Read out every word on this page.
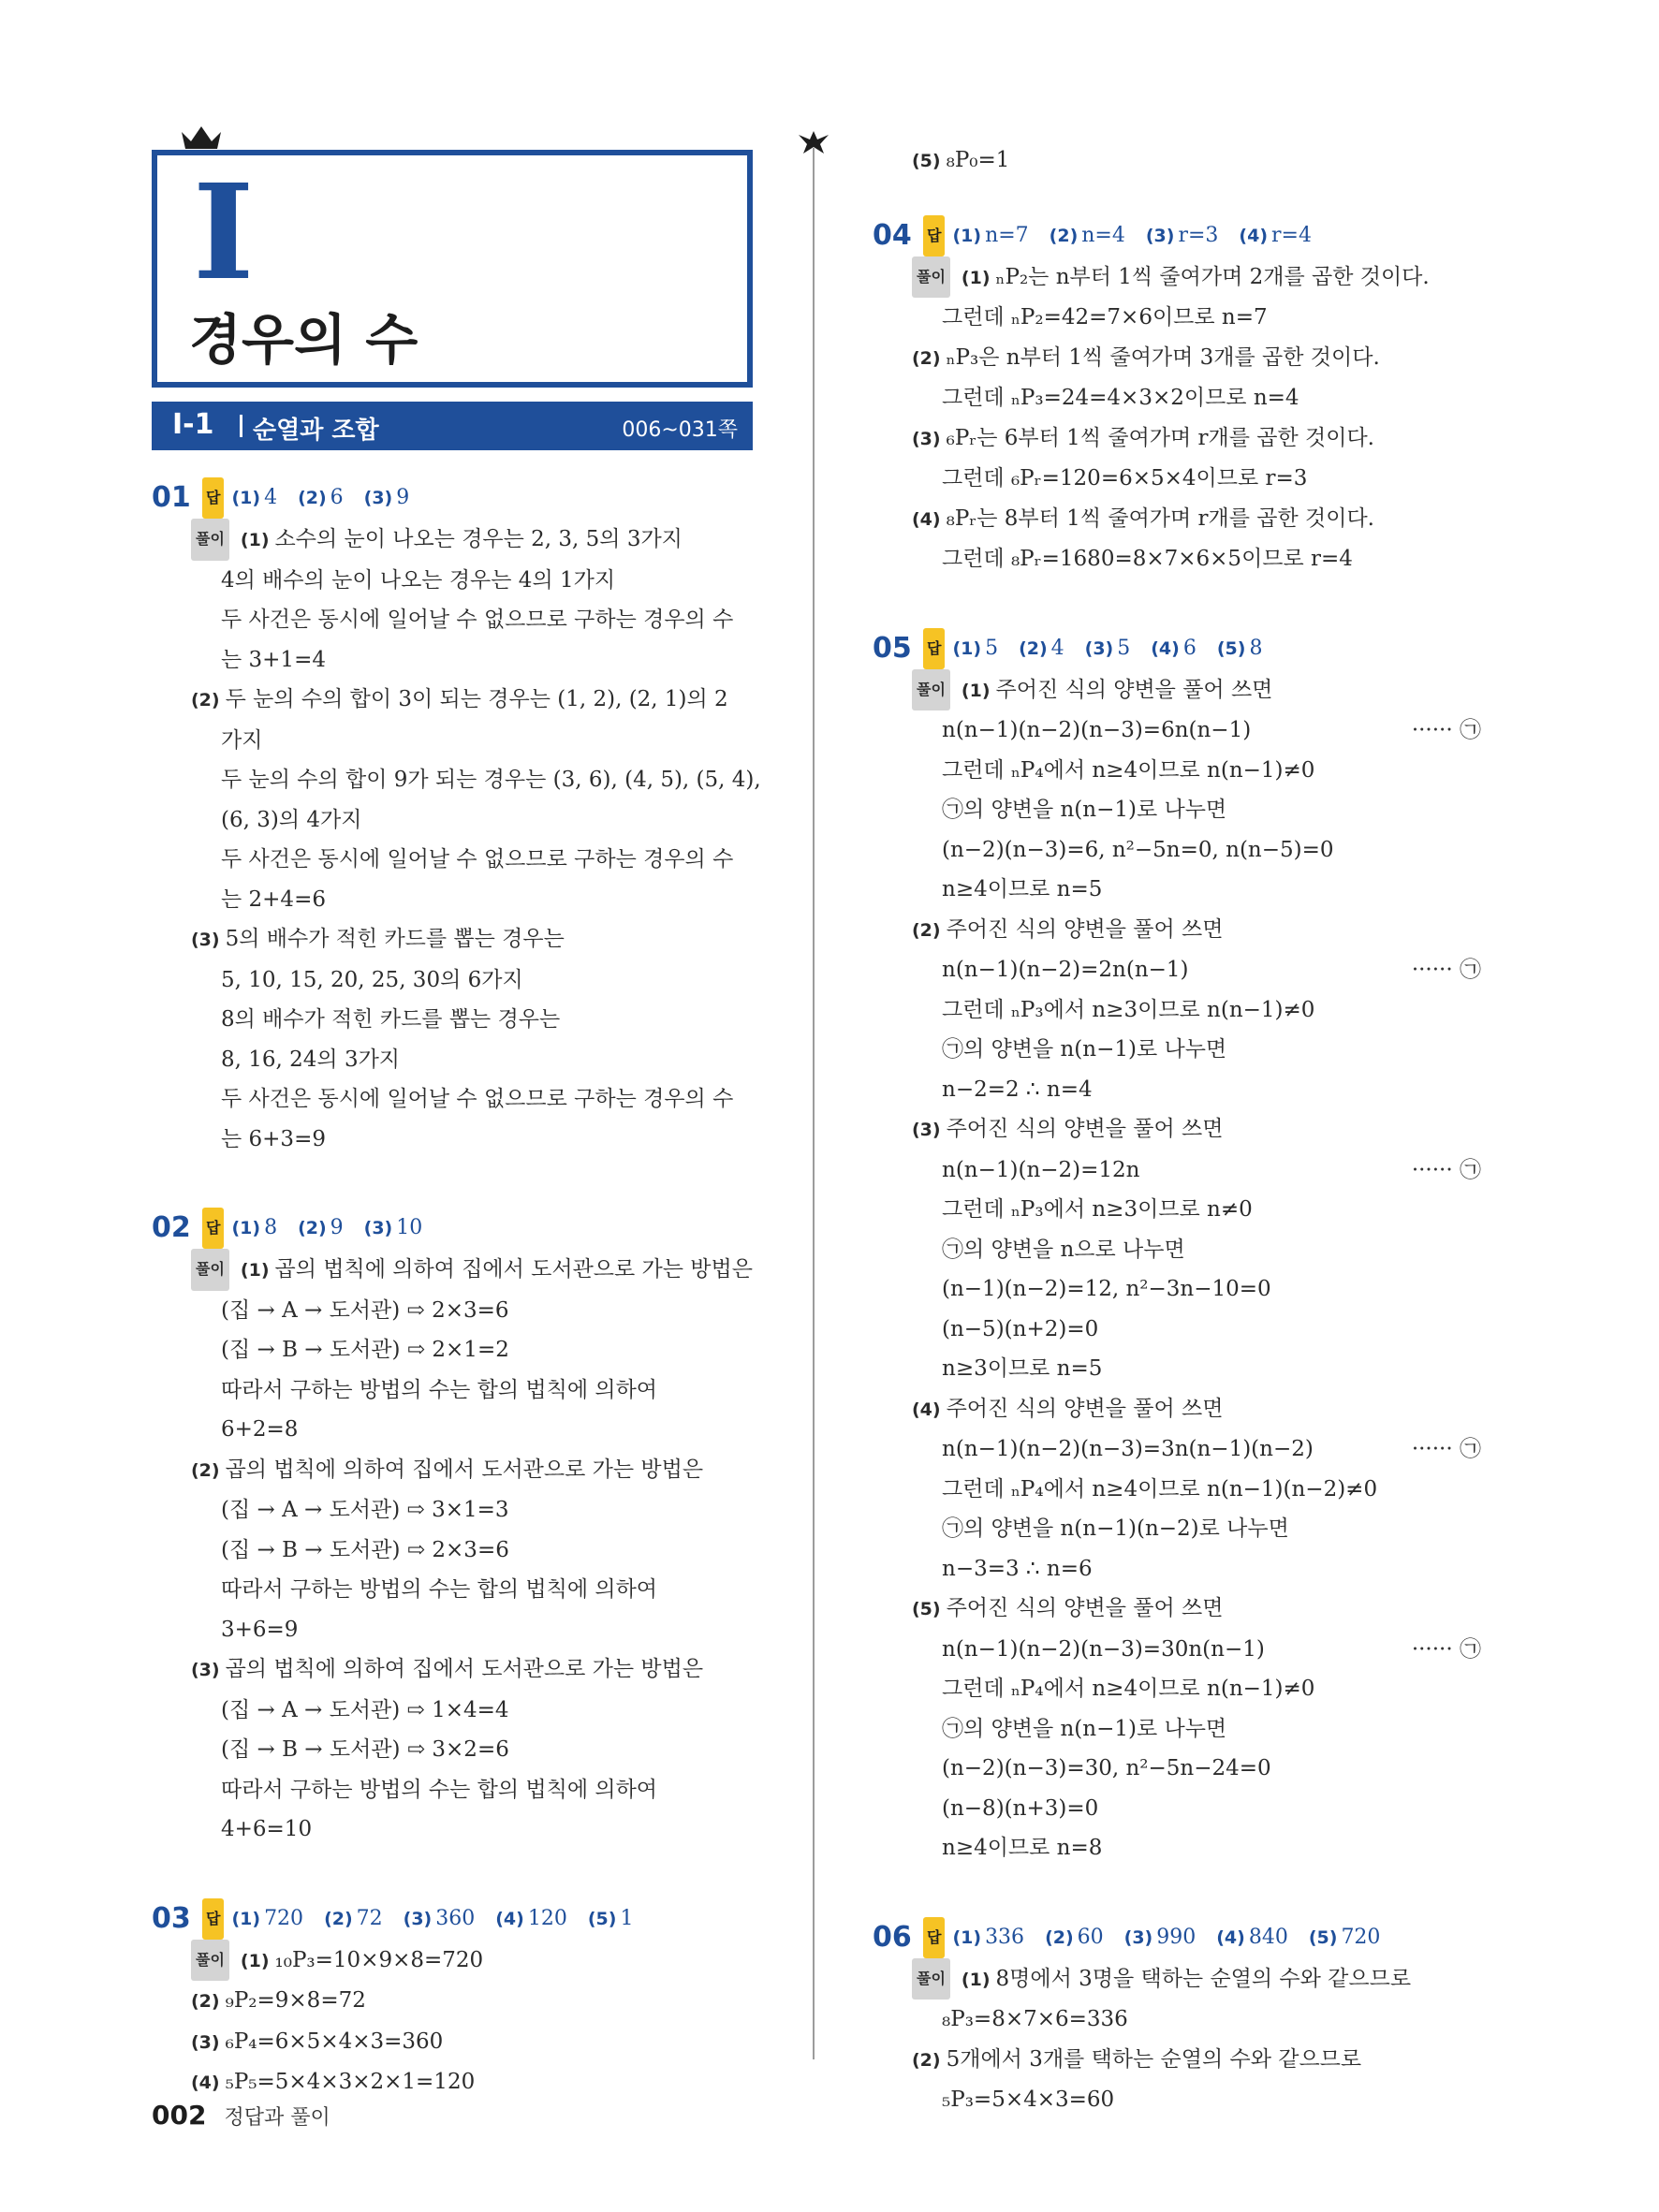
I
경우의 수
I-1 순열과 조합	006~031쪽
01 답 (1) 4 (2) 6 (3) 9
풀이 (1) 소수의 눈이 나오는 경우는 2, 3, 5의 3가지
4의 배수의 눈이 나오는 경우는 4의 1가지
두 사건은 동시에 일어날 수 없으므로 구하는 경우의 수
는 3+1=4
(2) 두 눈의 수의 합이 3이 되는 경우는 (1, 2), (2, 1)의 2
가지
두 눈의 수의 합이 9가 되는 경우는 (3, 6), (4, 5), (5, 4),
(6, 3)의 4가지
두 사건은 동시에 일어날 수 없으므로 구하는 경우의 수
는 2+4=6
(3) 5의 배수가 적힌 카드를 뽑는 경우는
5, 10, 15, 20, 25, 30의 6가지
8의 배수가 적힌 카드를 뽑는 경우는
8, 16, 24의 3가지
두 사건은 동시에 일어날 수 없으므로 구하는 경우의 수
는 6+3=9
02 답 (1) 8 (2) 9 (3) 10
풀이 (1) 곱의 법칙에 의하여 집에서 도서관으로 가는 방법은
(집 → A → 도서관) ⇨ 2×3=6
(집 → B → 도서관) ⇨ 2×1=2
따라서 구하는 방법의 수는 합의 법칙에 의하여
6+2=8
(2) 곱의 법칙에 의하여 집에서 도서관으로 가는 방법은
(집 → A → 도서관) ⇨ 3×1=3
(집 → B → 도서관) ⇨ 2×3=6
따라서 구하는 방법의 수는 합의 법칙에 의하여
3+6=9
(3) 곱의 법칙에 의하여 집에서 도서관으로 가는 방법은
(집 → A → 도서관) ⇨ 1×4=4
(집 → B → 도서관) ⇨ 3×2=6
따라서 구하는 방법의 수는 합의 법칙에 의하여
4+6=10
03 답 (1) 720 (2) 72 (3) 360 (4) 120 (5) 1
풀이 (1) ₁₀P₃=10×9×8=720
(2) ₉P₂=9×8=72
(3) ₆P₄=6×5×4×3=360
(4) ₅P₅=5×4×3×2×1=120
(5) ₈P₀=1
04 답 (1) n=7 (2) n=4 (3) r=3 (4) r=4
풀이 (1) ₙP₂는 n부터 1씩 줄여가며 2개를 곱한 것이다.
그런데 ₙP₂=42=7×6이므로 n=7
(2) ₙP₃은 n부터 1씩 줄여가며 3개를 곱한 것이다.
그런데 ₙP₃=24=4×3×2이므로 n=4
(3) ₆Pᵣ는 6부터 1씩 줄여가며 r개를 곱한 것이다.
그런데 ₆Pᵣ=120=6×5×4이므로 r=3
(4) ₈Pᵣ는 8부터 1씩 줄여가며 r개를 곱한 것이다.
그런데 ₈Pᵣ=1680=8×7×6×5이므로 r=4
05 답 (1) 5 (2) 4 (3) 5 (4) 6 (5) 8
풀이 (1) 주어진 식의 양변을 풀어 쓰면
n(n−1)(n−2)(n−3)=6n(n−1)	······ ㉠
그런데 ₙP₄에서 n≥4이므로 n(n−1)≠0
㉠의 양변을 n(n−1)로 나누면
(n−2)(n−3)=6, n²−5n=0, n(n−5)=0
n≥4이므로 n=5
(2) 주어진 식의 양변을 풀어 쓰면
n(n−1)(n−2)=2n(n−1)	······ ㉠
그런데 ₙP₃에서 n≥3이므로 n(n−1)≠0
㉠의 양변을 n(n−1)로 나누면
n−2=2 ∴ n=4
(3) 주어진 식의 양변을 풀어 쓰면
n(n−1)(n−2)=12n	······ ㉠
그런데 ₙP₃에서 n≥3이므로 n≠0
㉠의 양변을 n으로 나누면
(n−1)(n−2)=12, n²−3n−10=0
(n−5)(n+2)=0
n≥3이므로 n=5
(4) 주어진 식의 양변을 풀어 쓰면
n(n−1)(n−2)(n−3)=3n(n−1)(n−2)	······ ㉠
그런데 ₙP₄에서 n≥4이므로 n(n−1)(n−2)≠0
㉠의 양변을 n(n−1)(n−2)로 나누면
n−3=3 ∴ n=6
(5) 주어진 식의 양변을 풀어 쓰면
n(n−1)(n−2)(n−3)=30n(n−1)	······ ㉠
그런데 ₙP₄에서 n≥4이므로 n(n−1)≠0
㉠의 양변을 n(n−1)로 나누면
(n−2)(n−3)=30, n²−5n−24=0
(n−8)(n+3)=0
n≥4이므로 n=8
06 답 (1) 336 (2) 60 (3) 990 (4) 840 (5) 720
풀이 (1) 8명에서 3명을 택하는 순열의 수와 같으므로
₈P₃=8×7×6=336
(2) 5개에서 3개를 택하는 순열의 수와 같으므로
₅P₃=5×4×3=60
002 정답과 풀이
